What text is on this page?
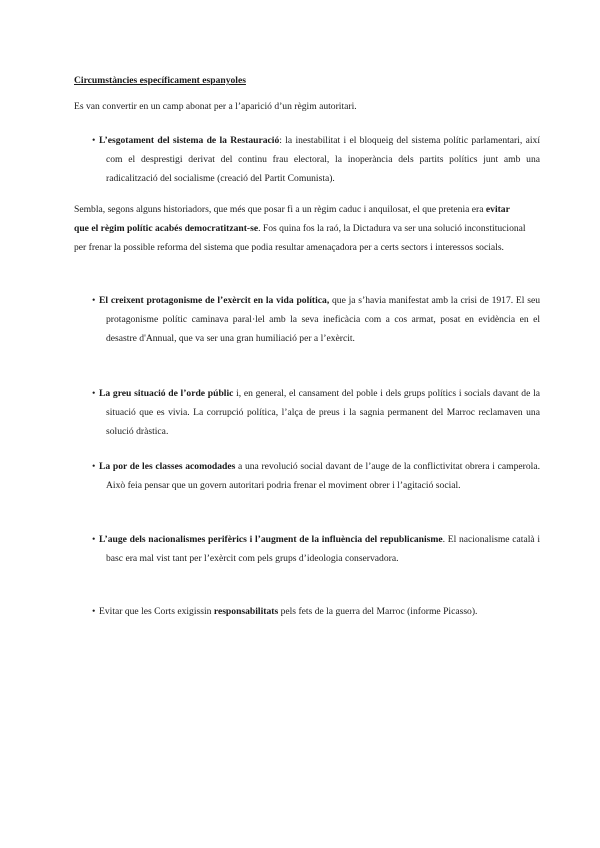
Circumstàncies específicament espanyoles
Es van convertir en un camp abonat per a l’aparició d’un règim autoritari.
• L’esgotament del sistema de la Restauració: la inestabilitat i el bloqueig del sistema polític parlamentari, així com el desprestigi derivat del continu frau electoral, la inoperància dels partits polítics junt amb una radicalització del socialisme (creació del Partit Comunista).
Sembla, segons alguns historiadors, que més que posar fi a un règim caduc i anquilosat, el que pretenia era evitar que el règim polític acabés democratitzant-se. Fos quina fos la raó, la Dictadura va ser una solució inconstitucional per frenar la possible reforma del sistema que podia resultar amenaçadora per a certs sectors i interessos socials.
• El creixent protagonisme de l’exèrcit en la vida política, que ja s’havia manifestat amb la crisi de 1917. El seu protagonisme polític caminava paral·lel amb la seva ineficàcia com a cos armat, posat en evidència en el desastre d'Annual, que va ser una gran humiliació per a l’exèrcit.
• La greu situació de l’orde públic i, en general, el cansament del poble i dels grups polítics i socials davant de la situació que es vivia. La corrupció política, l’alça de preus i la sagnia permanent del Marroc reclamaven una solució dràstica.
• La por de les classes acomodades a una revolució social davant de l’auge de la conflictivitat obrera i camperola. Això feia pensar que un govern autoritari podria frenar el moviment obrer i l’agitació social.
• L’auge dels nacionalismes perifèrics i l’augment de la influència del republicanisme. El nacionalisme català i basc era mal vist tant per l’exèrcit com pels grups d’ideologia conservadora.
• Evitar que les Corts exigissin responsabilitats pels fets de la guerra del Marroc (informe Picasso).
